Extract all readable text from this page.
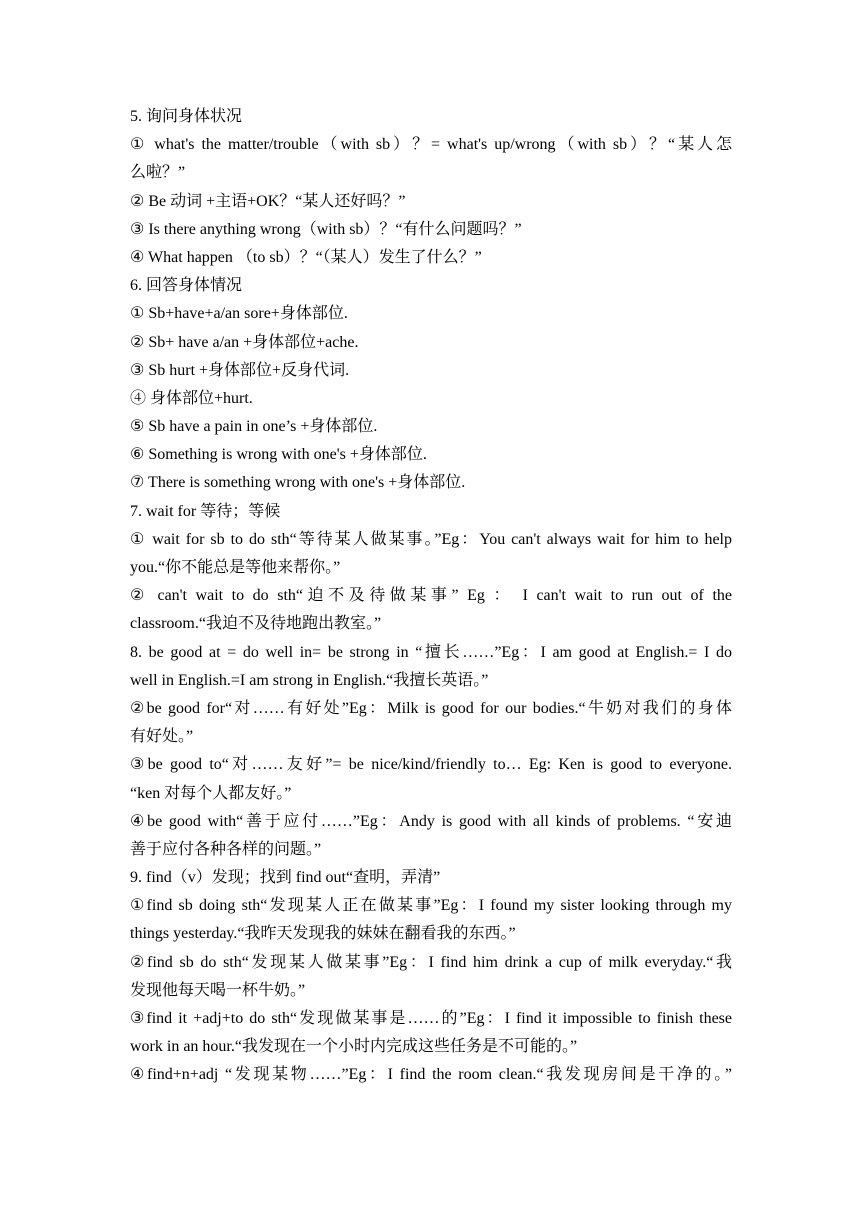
5. 询问身体状况
① what's the matter/trouble（with sb）？= what's up/wrong（with sb）？“某人怎
么啦？”
② Be 动词 +主语+OK？“某人还好吗？”
③ Is there anything wrong（with sb）？“有什么问题吗？”
④ What happen （to sb）？“（某人）发生了什么？”
6. 回答身体情况
① Sb+have+a/an sore+身体部位.
② Sb+ have a/an +身体部位+ache.
③ Sb hurt +身体部位+反身代词.
④ 身体部位+hurt.
⑤ Sb have a pain in one’s +身体部位.
⑥ Something is wrong with one's +身体部位.
⑦ There is something wrong with one's +身体部位.
7. wait for 等待；等候
① wait for sb to do sth“等待某人做某事。”Eg：You can't always wait for him to help
you.“你不能总是等他来帮你。”
② can't wait to do sth“迫不及待做某事” Eg ： I can't wait to run out of the
classroom.“我迫不及待地跑出教室。”
8. be good at = do well in= be strong in “擅长……”Eg：I am good at English.= I do
well in English.=I am strong in English.“我擅长英语。”
②be good for“对……有好处”Eg：Milk is good for our bodies.“牛奶对我们的身体
有好处。”
③be good to“对……友好”= be nice/kind/friendly to… Eg: Ken is good to everyone.
“ken 对每个人都友好。”
④be good with“善于应付……”Eg：Andy is good with all kinds of problems. “安迪
善于应付各种各样的问题。”
9. find（v）发现；找到 find out“查明，弄清”
①find sb doing sth“发现某人正在做某事”Eg：I found my sister looking through my
things yesterday.“我昨天发现我的妹妹在翻看我的东西。”
②find sb do sth“发现某人做某事”Eg：I find him drink a cup of milk everyday.“我
发现他每天喝一杯牛奶。”
③find it +adj+to do sth“发现做某事是……的”Eg：I find it impossible to finish these
work in an hour.“我发现在一个小时内完成这些任务是不可能的。”
④find+n+adj “发现某物……”Eg：I find the room clean.“我发现房间是干净的。”
